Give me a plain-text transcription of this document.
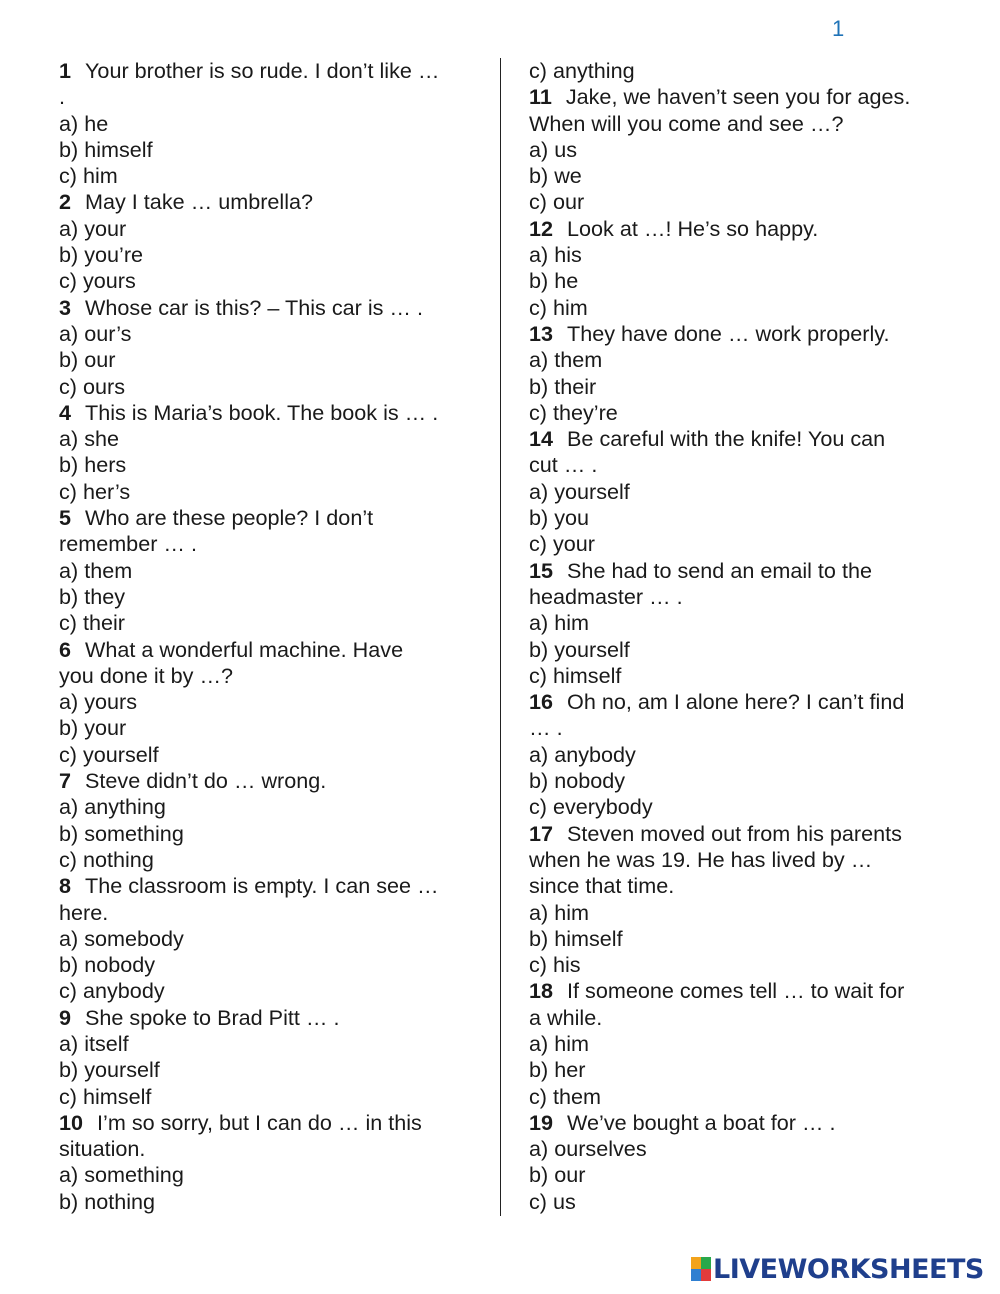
1
1 Your brother is so rude. I don’t like …
.
a) he
b) himself
c) him
2 May I take … umbrella?
a) your
b) you’re
c) yours
3 Whose car is this? – This car is … .
a) our’s
b) our
c) ours
4 This is Maria’s book. The book is … .
a) she
b) hers
c) her’s
5 Who are these people? I don’t
remember … .
a) them
b) they
c) their
6 What a wonderful machine. Have
you done it by …?
a) yours
b) your
c) yourself
7 Steve didn’t do … wrong.
a) anything
b) something
c) nothing
8 The classroom is empty. I can see …
here.
a) somebody
b) nobody
c) anybody
9 She spoke to Brad Pitt … .
a) itself
b) yourself
c) himself
10 I’m so sorry, but I can do … in this
situation.
a) something
b) nothing
c) anything
11 Jake, we haven’t seen you for ages.
When will you come and see …?
a) us
b) we
c) our
12 Look at …! He’s so happy.
a) his
b) he
c) him
13 They have done … work properly.
a) them
b) their
c) they’re
14 Be careful with the knife! You can
cut … .
a) yourself
b) you
c) your
15 She had to send an email to the
headmaster … .
a) him
b) yourself
c) himself
16 Oh no, am I alone here? I can’t find
… .
a) anybody
b) nobody
c) everybody
17 Steven moved out from his parents
when he was 19. He has lived by …
since that time.
a) him
b) himself
c) his
18 If someone comes tell … to wait for
a while.
a) him
b) her
c) them
19 We’ve bought a boat for … .
a) ourselves
b) our
c) us
LIVEWORKSHEETS
